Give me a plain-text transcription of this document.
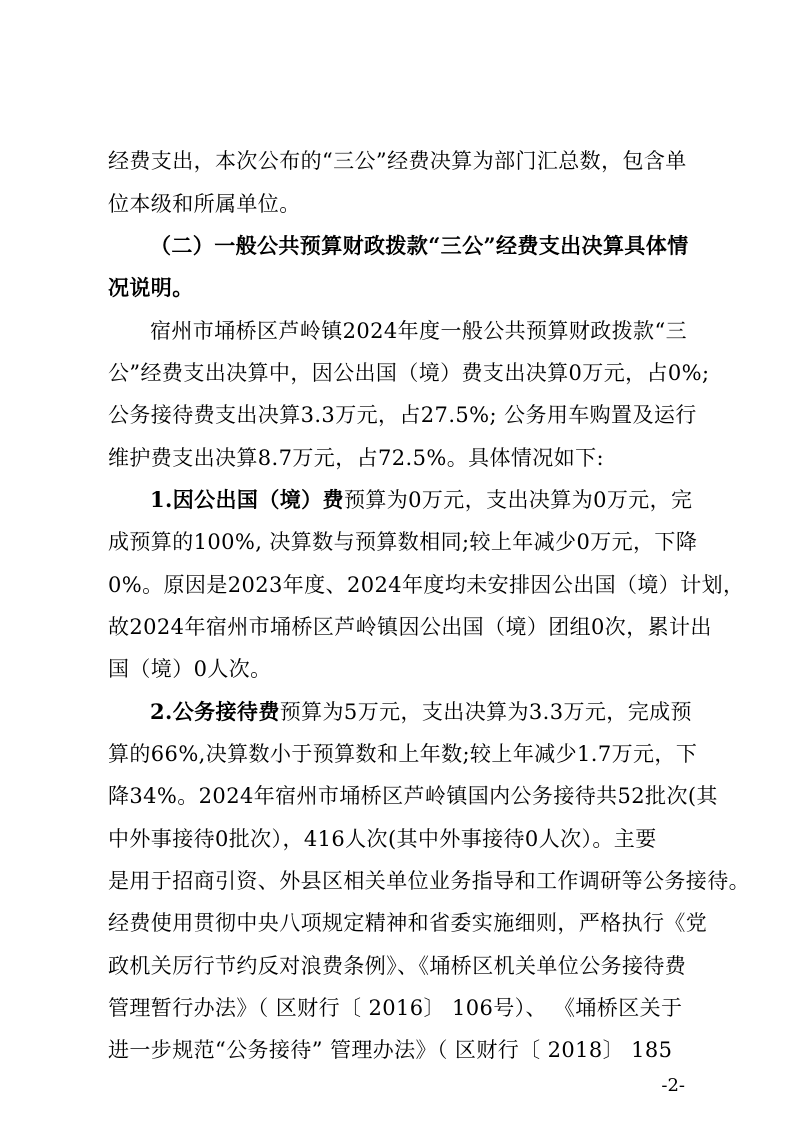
经费支出，本次公布的“三公”经费决算为部门汇总数，包含单
位本级和所属单位。
（二）一般公共预算财政拨款“三公”经费支出决算具体情
况说明。
宿州市埇桥区芦岭镇2024年度一般公共预算财政拨款“三
公”经费支出决算中，因公出国（境）费支出决算0万元，占0%;
公务接待费支出决算3.3万元，占27.5%; 公务用车购置及运行
维护费支出决算8.7万元，占72.5%。具体情况如下:
1.因公出国（境）费预算为0万元，支出决算为0万元，完
成预算的100%, 决算数与预算数相同;较上年减少0万元，下降
0%。原因是2023年度、2024年度均未安排因公出国（境）计划，
故2024年宿州市埇桥区芦岭镇因公出国（境）团组0次，累计出
国（境）0人次。
2.公务接待费预算为5万元，支出决算为3.3万元，完成预
算的66%,决算数小于预算数和上年数;较上年减少1.7万元，下
降34%。2024年宿州市埇桥区芦岭镇国内公务接待共52批次(其
中外事接待0批次），416人次(其中外事接待0人次）。主要
是用于招商引资、外县区相关单位业务指导和工作调研等公务接待。
经费使用贯彻中央八项规定精神和省委实施细则，严格执行《党
政机关厉行节约反对浪费条例》、《埇桥区机关单位公务接待费
管理暂行办法》（ 区财行〔 2016〕 106号）、 《埇桥区关于
进一步规范“公务接待” 管理办法》（ 区财行〔 2018〕 185
-2-
